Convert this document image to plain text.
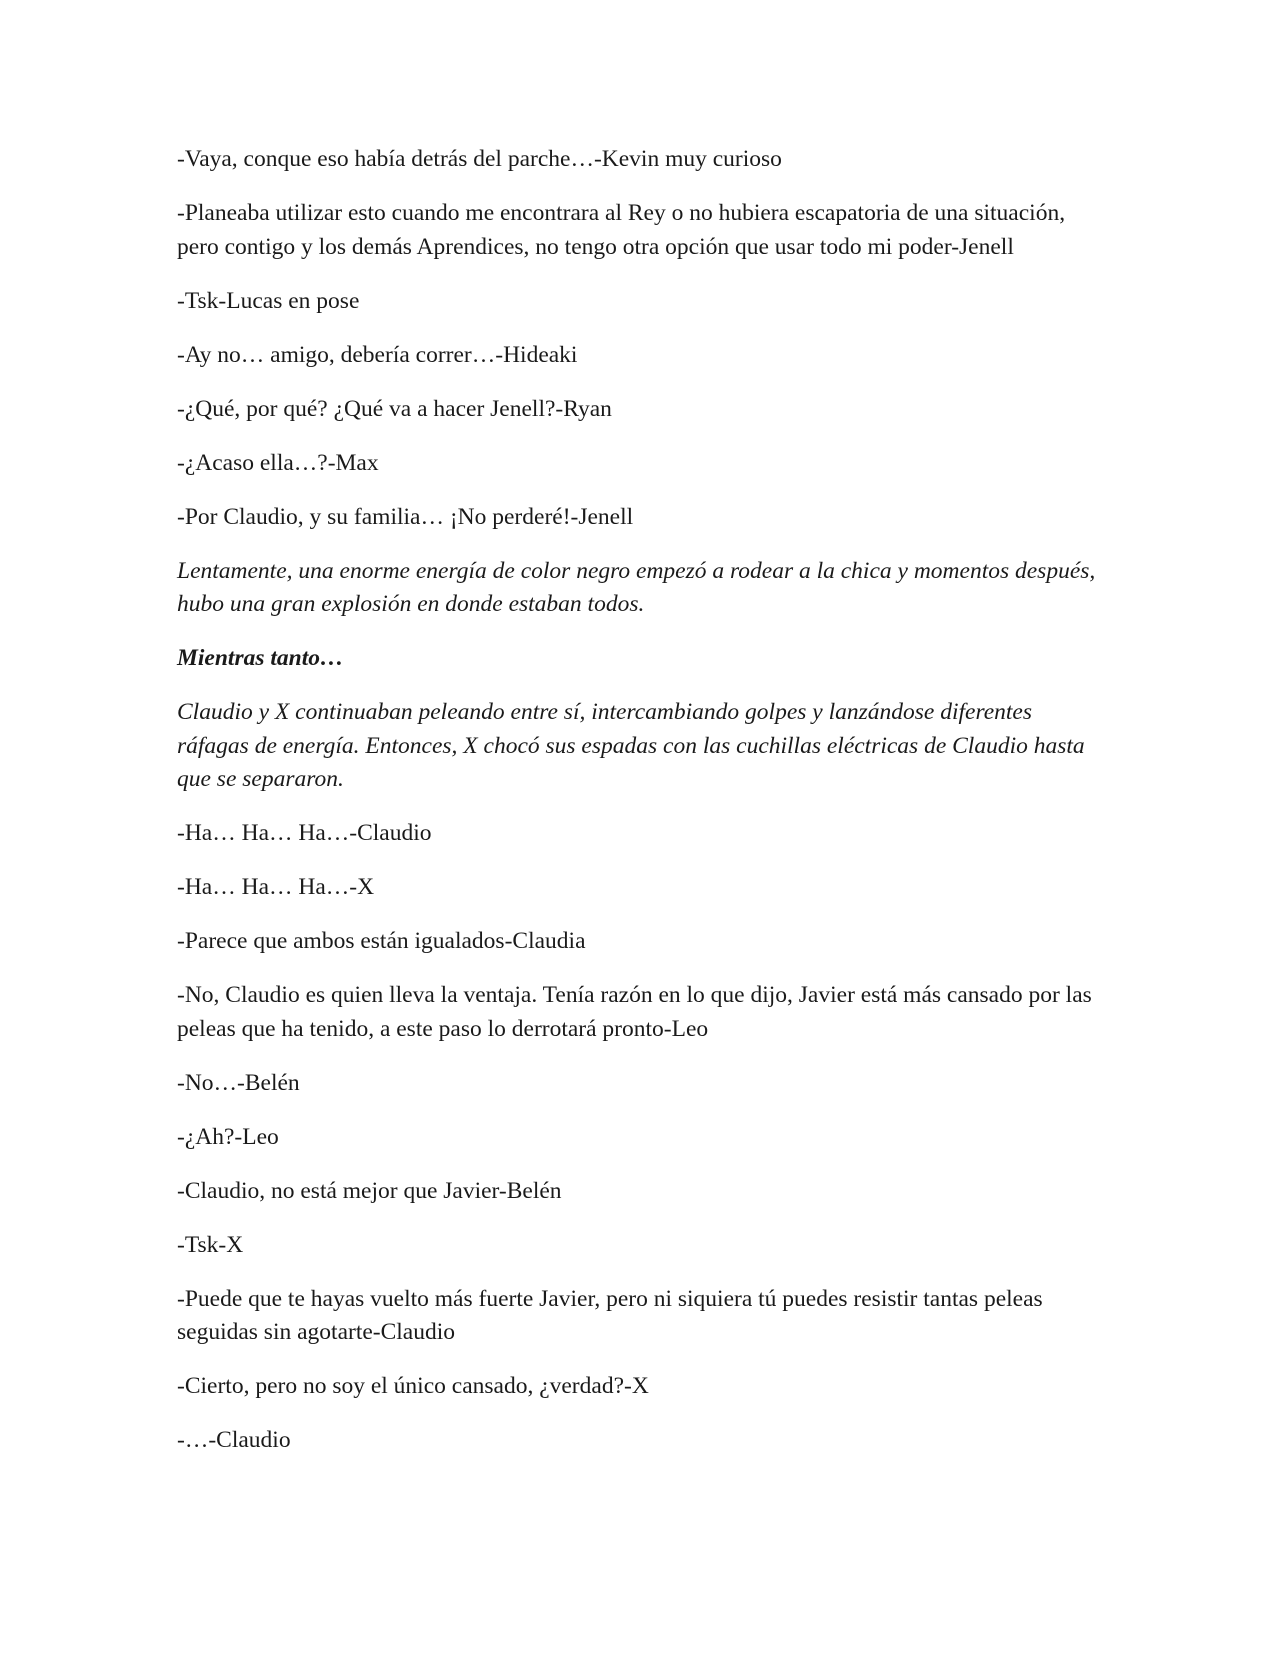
-Vaya, conque eso había detrás del parche…-Kevin muy curioso

-Planeaba utilizar esto cuando me encontrara al Rey o no hubiera escapatoria de una situación, pero contigo y los demás Aprendices, no tengo otra opción que usar todo mi poder-Jenell

-Tsk-Lucas en pose

-Ay no… amigo, debería correr…-Hideaki

-¿Qué, por qué? ¿Qué va a hacer Jenell?-Ryan

-¿Acaso ella…?-Max

-Por Claudio, y su familia… ¡No perderé!-Jenell

Lentamente, una enorme energía de color negro empezó a rodear a la chica y momentos después, hubo una gran explosión en donde estaban todos.

Mientras tanto…

Claudio y X continuaban peleando entre sí, intercambiando golpes y lanzándose diferentes ráfagas de energía. Entonces, X chocó sus espadas con las cuchillas eléctricas de Claudio hasta que se separaron.

-Ha… Ha… Ha…-Claudio

-Ha… Ha… Ha…-X

-Parece que ambos están igualados-Claudia

-No, Claudio es quien lleva la ventaja. Tenía razón en lo que dijo, Javier está más cansado por las peleas que ha tenido, a este paso lo derrotará pronto-Leo

-No…-Belén

-¿Ah?-Leo

-Claudio, no está mejor que Javier-Belén

-Tsk-X

-Puede que te hayas vuelto más fuerte Javier, pero ni siquiera tú puedes resistir tantas peleas seguidas sin agotarte-Claudio

-Cierto, pero no soy el único cansado, ¿verdad?-X

-…-Claudio
